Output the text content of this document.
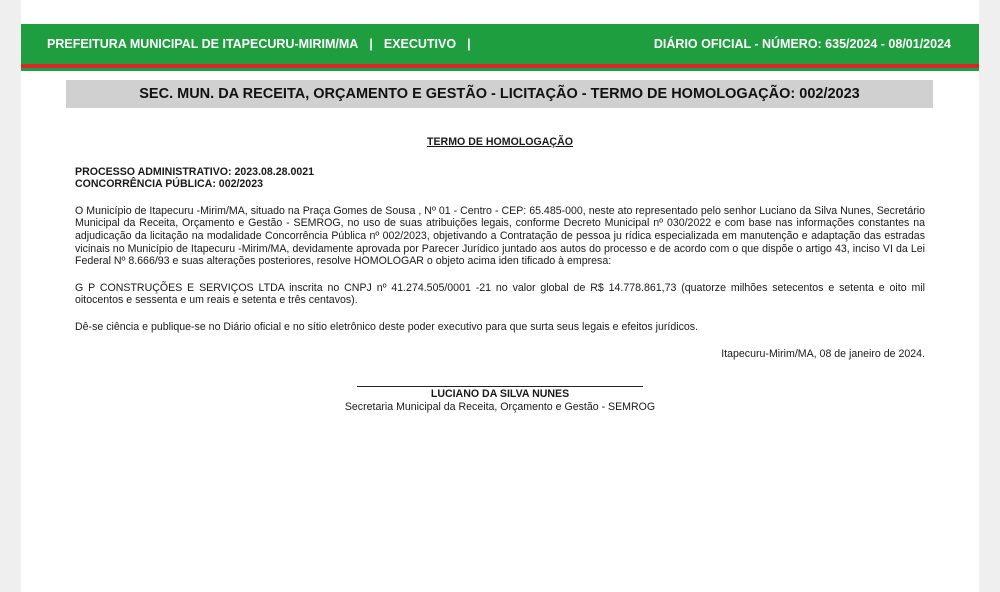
PREFEITURA MUNICIPAL DE ITAPECURU-MIRIM/MA | EXECUTIVO |	DIÁRIO OFICIAL - NÚMERO: 635/2024 - 08/01/2024
SEC. MUN. DA RECEITA, ORÇAMENTO E GESTÃO - LICITAÇÃO - TERMO DE HOMOLOGAÇÃO: 002/2023
TERMO DE HOMOLOGAÇÃO
PROCESSO ADMINISTRATIVO: 2023.08.28.0021
CONCORRÊNCIA PÚBLICA: 002/2023

O Município de Itapecuru -Mirim/MA, situado na Praça Gomes de Sousa , Nº 01 - Centro - CEP: 65.485-000, neste ato representado pelo senhor Luciano da Silva Nunes, Secretário Municipal da Receita, Orçamento e Gestão - SEMROG, no uso de suas atribuições legais, conforme Decreto Municipal nº 030/2022 e com base nas informações constantes na adjudicação da licitação na modalidade Concorrência Pública nº 002/2023, objetivando a Contratação de pessoa ju rídica especializada em manutenção e adaptação das estradas vicinais no Município de Itapecuru -Mirim/MA, devidamente aprovada por Parecer Jurídico juntado aos autos do processo e de acordo com o que dispõe o artigo 43, inciso VI da Lei Federal Nº 8.666/93 e suas alterações posteriores, resolve HOMOLOGAR o objeto acima iden tificado à empresa:

G P CONSTRUÇÕES E SERVIÇOS LTDA inscrita no CNPJ nº 41.274.505/0001 -21 no valor global de R$ 14.778.861,73 (quatorze milhões setecentos e setenta e oito mil oitocentos e sessenta e um reais e setenta e três centavos).

Dê-se ciência e publique-se no Diário oficial e no sítio eletrônico deste poder executivo para que surta seus legais e efeitos jurídicos.

Itapecuru-Mirim/MA, 08 de janeiro de 2024.
LUCIANO DA SILVA NUNES
Secretaria Municipal da Receita, Orçamento e Gestão - SEMROG
